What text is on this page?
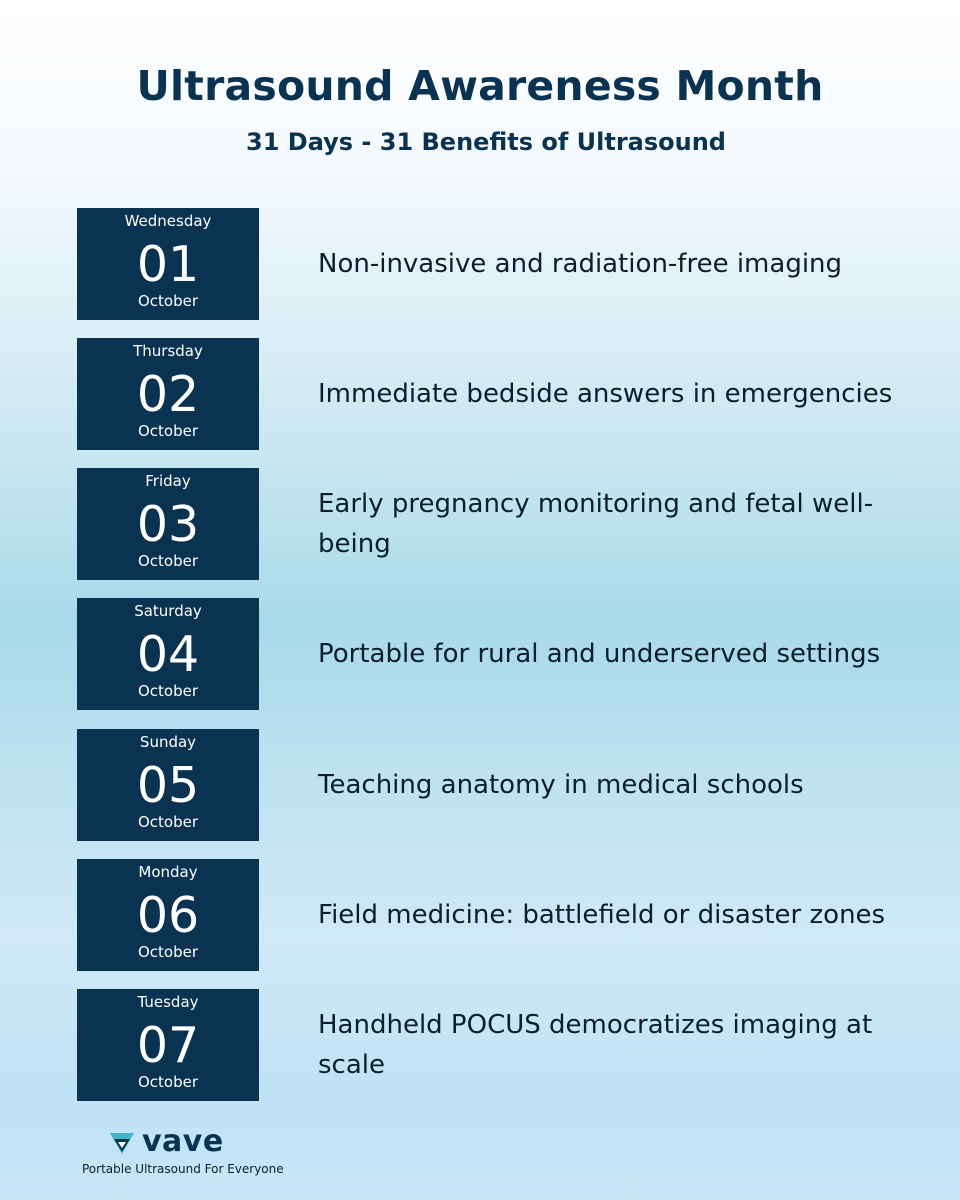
Ultrasound Awareness Month
31 Days - 31 Benefits of Ultrasound
Wednesday
01
October
Non-invasive and radiation-free imaging
Thursday
02
October
Immediate bedside answers in emergencies
Friday
03
October
Early pregnancy monitoring and fetal well-being
Saturday
04
October
Portable for rural and underserved settings
Sunday
05
October
Teaching anatomy in medical schools
Monday
06
October
Field medicine: battlefield or disaster zones
Tuesday
07
October
Handheld POCUS democratizes imaging at scale
vave
Portable Ultrasound For Everyone
